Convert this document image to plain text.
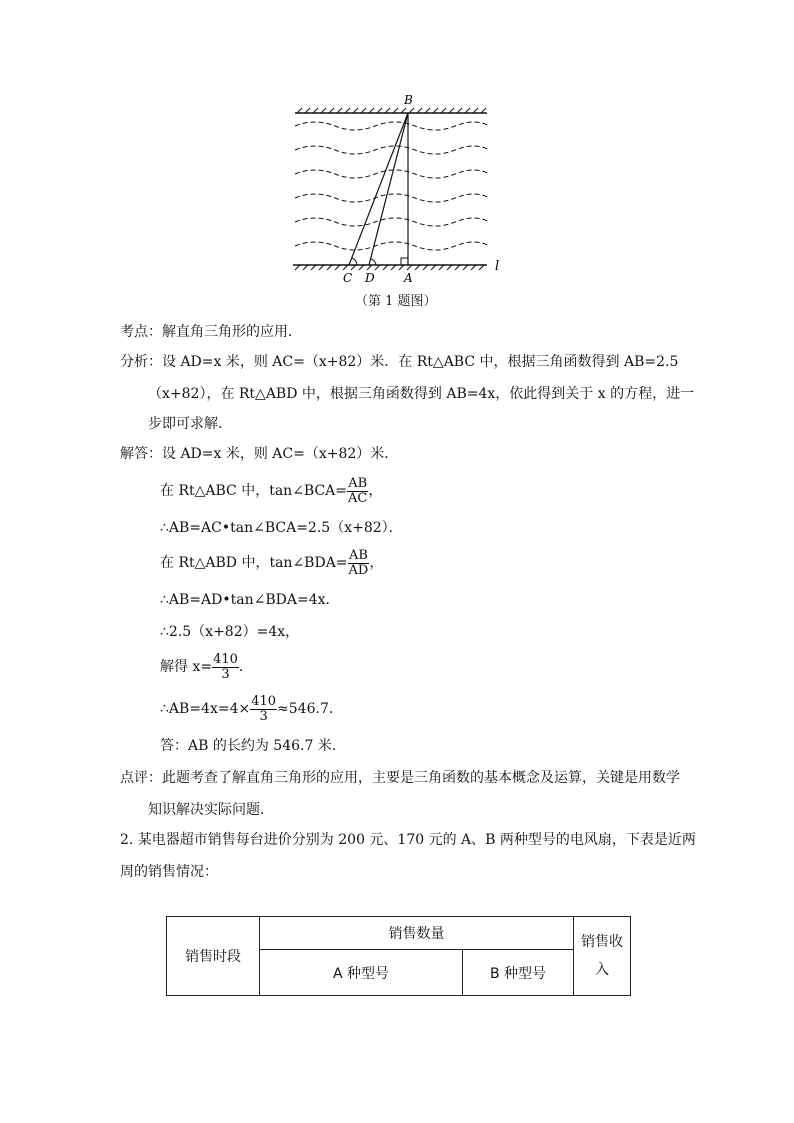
B
C D A
l
（第 1 题图）
考点：解直角三角形的应用．
分析：设 AD=x 米，则 AC=（x+82）米．在 Rt△ABC 中，根据三角函数得到 AB=2.5
（x+82），在 Rt△ABD 中，根据三角函数得到 AB=4x，依此得到关于 x 的方程，进一
步即可求解．
解答：设 AD=x 米，则 AC=（x+82）米．
在 Rt△ABC 中，tan∠BCA= $\frac{AB}{AC}$ ，
∴AB=AC•tan∠BCA=2.5（x+82）．
在 Rt△ABD 中，tan∠BDA= $\frac{AB}{AD}$ ，
∴AB=AD•tan∠BDA=4x．
∴2.5（x+82）=4x，
解得 $x= \frac{410}{3}$ ．
∴AB=4x=4× $\frac{410}{3} \approx 546.7$．
答：AB 的长约为 546.7 米．
点评：此题考查了解直角三角形的应用，主要是三角函数的基本概念及运算，关键是用数学
知识解决实际问题．
2. 某电器超市销售每台进价分别为 200 元、170 元的 A、B 两种型号的电风扇，下表是近两
周的销售情况：
销售时段	销售数量		销售收入
	A 种型号	B 种型号	
